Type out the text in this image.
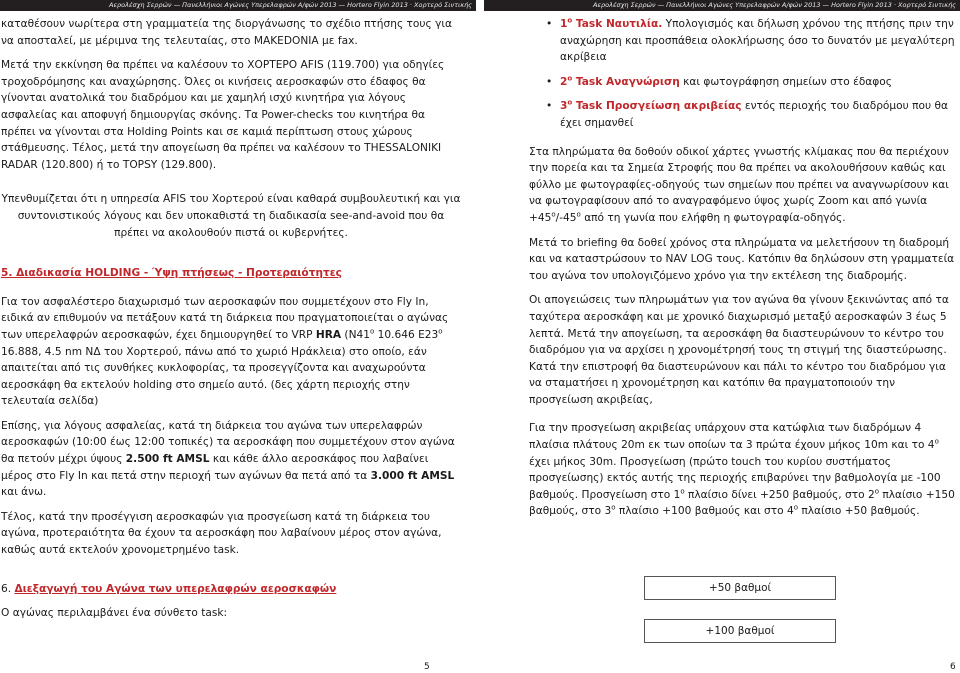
Αερολέσχη Σερρών — Πανελλήνιοι Αγώνες Υπερελαφρών Α/φών 2013 — Hortero Flyin 2013 · Χορτερό Σιντικής	Αερολέσχη Σερρών — Πανελλήνιοι Αγώνες Υπερελαφρών Α/φών 2013 — Hortero Flyin 2013 · Χορτερό Σιντικής

καταθέσουν νωρίτερα στη γραμματεία της διοργάνωσης το σχέδιο πτήσης τους για να αποσταλεί, με μέριμνα της τελευταίας, στο MAKEDONIA με fax.

Μετά την εκκίνηση θα πρέπει να καλέσουν το ΧΟΡΤΕΡΟ AFIS (119.700) για οδηγίες τροχοδρόμησης και αναχώρησης. Όλες οι κινήσεις αεροσκαφών στο έδαφος θα γίνονται ανατολικά του διαδρόμου και με χαμηλή ισχύ κινητήρα για λόγους ασφαλείας και αποφυγή δημιουργίας σκόνης. Τα Power-checks του κινητήρα θα πρέπει να γίνονται στα Holding Points και σε καμιά περίπτωση στους χώρους στάθμευσης. Τέλος, μετά την απογείωση θα πρέπει να καλέσουν το THESSALONIKI RADAR (120.800) ή το TOPSY (129.800).

Υπενθυμίζεται ότι η υπηρεσία AFIS του Χορτερού είναι καθαρά συμβουλευτική και για συντονιστικούς λόγους και δεν υποκαθιστά τη διαδικασία see-and-avoid που θα πρέπει να ακολουθούν πιστά οι κυβερνήτες.

5. Διαδικασία HOLDING - Ύψη πτήσεως - Προτεραιότητες

Για τον ασφαλέστερο διαχωρισμό των αεροσκαφών που συμμετέχουν στο Fly In, ειδικά αν επιθυμούν να πετάξουν κατά τη διάρκεια που πραγματοποιείται ο αγώνας των υπερελαφρών αεροσκαφών, έχει δημιουργηθεί το VRP HRA (N41$^o$ 10.646 E23$^o$ 16.888, 4.5 nm ΝΔ του Χορτερού, πάνω από το χωριό Ηράκλεια) στο οποίο, εάν απαιτείται από τις συνθήκες κυκλοφορίας, τα προσεγγίζοντα και αναχωρούντα αεροσκάφη θα εκτελούν holding στο σημείο αυτό. (δες χάρτη περιοχής στην τελευταία σελίδα)

Επίσης, για λόγους ασφαλείας, κατά τη διάρκεια του αγώνα των υπερελαφρών αεροσκαφών (10:00 έως 12:00 τοπικές) τα αεροσκάφη που συμμετέχουν στον αγώνα θα πετούν μέχρι ύψους 2.500 ft AMSL και κάθε άλλο αεροσκάφος που λαβαίνει μέρος στο Fly In και πετά στην περιοχή των αγώνων θα πετά από τα 3.000 ft AMSL και άνω.

Τέλος, κατά την προσέγγιση αεροσκαφών για προσγείωση κατά τη διάρκεια του αγώνα, προτεραιότητα θα έχουν τα αεροσκάφη που λαβαίνουν μέρος στον αγώνα, καθώς αυτά εκτελούν χρονομετρημένο task.

6. Διεξαγωγή του Αγώνα των υπερελαφρών αεροσκαφών

Ο αγώνας περιλαμβάνει ένα σύνθετο task:

5
• $1^o$ Task Ναυτιλία. Υπολογισμός και δήλωση χρόνου της πτήσης πριν την αναχώρηση και προσπάθεια ολοκλήρωσης όσο το δυνατόν με μεγαλύτερη ακρίβεια
• $2^o$ Task Αναγνώριση και φωτογράφηση σημείων στο έδαφος
• $3^o$ Task Προσγείωση ακριβείας εντός περιοχής του διαδρόμου που θα έχει σημανθεί

Στα πληρώματα θα δοθούν οδικοί χάρτες γνωστής κλίμακας που θα περιέχουν την πορεία και τα Σημεία Στροφής που θα πρέπει να ακολουθήσουν καθώς και φύλλο με φωτογραφίες-οδηγούς των σημείων που πρέπει να αναγνωρίσουν και να φωτογραφίσουν από το αναγραφόμενο ύψος χωρίς Zoom και από $\gamma\omega\nu ί\alpha +45^o/-45^o$ από τη γωνία που ελήφθη η φωτογραφία-οδηγός.

Μετά το briefing θα δοθεί χρόνος στα πληρώματα να μελετήσουν τη διαδρομή και να καταστρώσουν το NAV LOG τους. Κατόπιν θα δηλώσουν στη γραμματεία του αγώνα τον υπολογιζόμενο χρόνο για την εκτέλεση της διαδρομής.

Οι απογειώσεις των πληρωμάτων για τον αγώνα θα γίνουν ξεκινώντας από τα ταχύτερα αεροσκάφη και με χρονικό διαχωρισμό μεταξύ αεροσκαφών 3 έως 5 λεπτά. Μετά την απογείωση, τα αεροσκάφη θα διαστευρώνουν το κέντρο του διαδρόμου για να αρχίσει η χρονομέτρησή τους τη στιγμή της διαστεύρωσης. Κατά την επιστροφή θα διαστευρώνουν και πάλι το κέντρο του διαδρόμου για να σταματήσει η χρονομέτρηση και κατόπιν θα πραγματοποιούν την προσγείωση ακριβείας,

Για την προσγείωση ακριβείας υπάρχουν στα κατώφλια των διαδρόμων 4 πλαίσια πλάτους 20m εκ των οποίων τα 3 πρώτα έχουν μήκος 10m και το $4^o$ έχει μήκος 30m. Προσγείωση (πρώτο touch του κυρίου συστήματος προσγείωσης) εκτός αυτής της περιοχής επιβαρύνει την βαθμολογία με -100 βαθμούς. Προσγείωση στο $1^o$ πλαίσιο δίνει +250 βαθμούς, στο $2^o$ πλαίσιο +150 βαθμούς, στο $3^o$ πλαίσιο +100 βαθμούς και στο $4^o$ πλαίσιο +50 βαθμούς.

+50 βαθμοί
+100 βαθμοί
6
